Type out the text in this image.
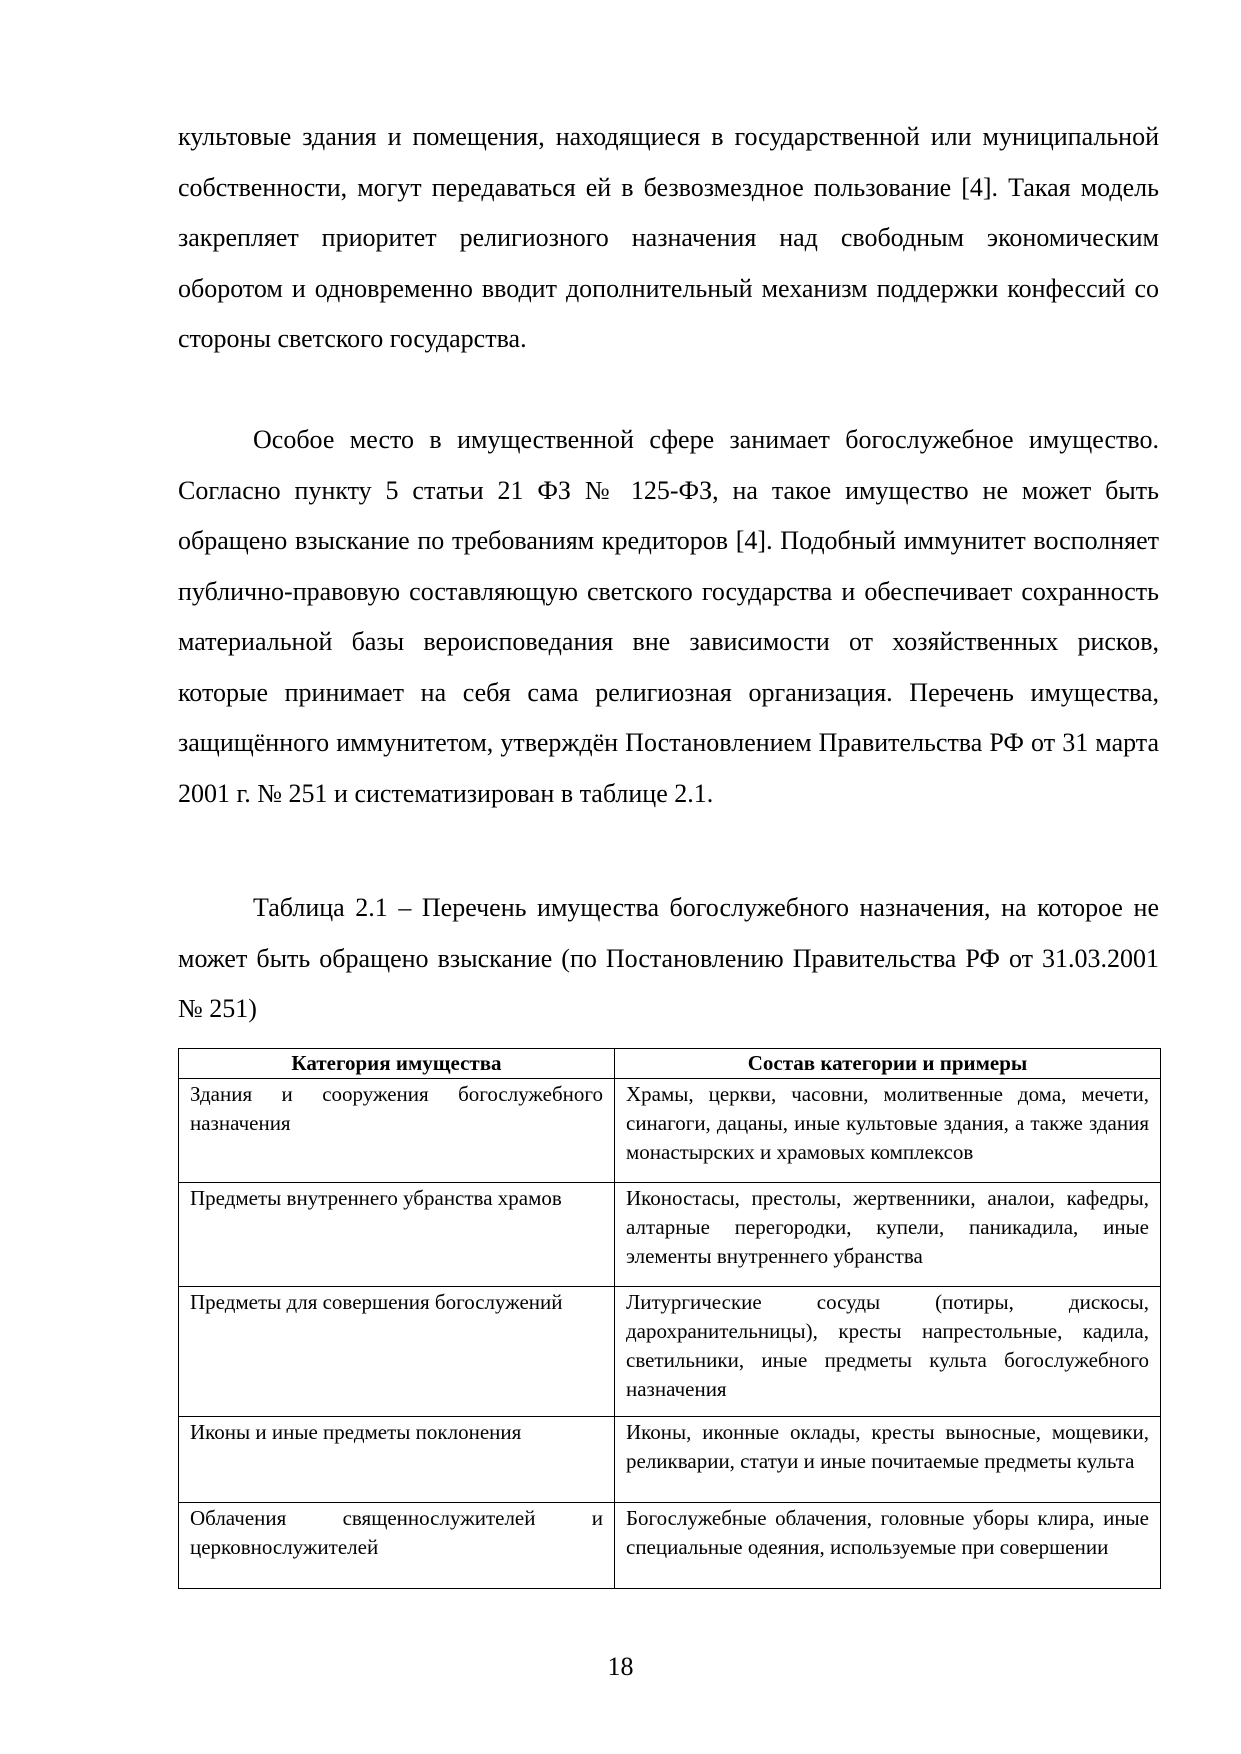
культовые здания и помещения, находящиеся в государственной или муниципальной собственности, могут передаваться ей в безвозмездное пользование [4]. Такая модель закрепляет приоритет религиозного назначения над свободным экономическим оборотом и одновременно вводит дополнительный механизм поддержки конфессий со стороны светского государства.

Особое место в имущественной сфере занимает богослужебное имущество. Согласно пункту 5 статьи 21 ФЗ № 125-ФЗ, на такое имущество не может быть обращено взыскание по требованиям кредиторов [4]. Подобный иммунитет восполняет публично-правовую составляющую светского государства и обеспечивает сохранность материальной базы вероисповедания вне зависимости от хозяйственных рисков, которые принимает на себя сама религиозная организация. Перечень имущества, защищённого иммунитетом, утверждён Постановлением Правительства РФ от 31 марта 2001 г. № 251 и систематизирован в таблице 2.1.

Таблица 2.1 – Перечень имущества богослужебного назначения, на которое не может быть обращено взыскание (по Постановлению Правительства РФ от 31.03.2001 № 251)

Категория имущества	Состав категории и примеры
Здания и сооружения богослужебного назначения	Храмы, церкви, часовни, молитвенные дома, мечети, синагоги, дацаны, иные культовые здания, а также здания монастырских и храмовых комплексов
Предметы внутреннего убранства храмов	Иконостасы, престолы, жертвенники, аналои, кафедры, алтарные перегородки, купели, паникадила, иные элементы внутреннего убранства
Предметы для совершения богослужений	Литургические сосуды (потиры, дискосы, дарохранительницы), кресты напрестольные, кадила, светильники, иные предметы культа богослужебного назначения
Иконы и иные предметы поклонения	Иконы, иконные оклады, кресты выносные, мощевики, реликварии, статуи и иные почитаемые предметы культа
Облачения священнослужителей и церковнослужителей	Богослужебные облачения, головные уборы клира, иные специальные одеяния, используемые при совершении
18
